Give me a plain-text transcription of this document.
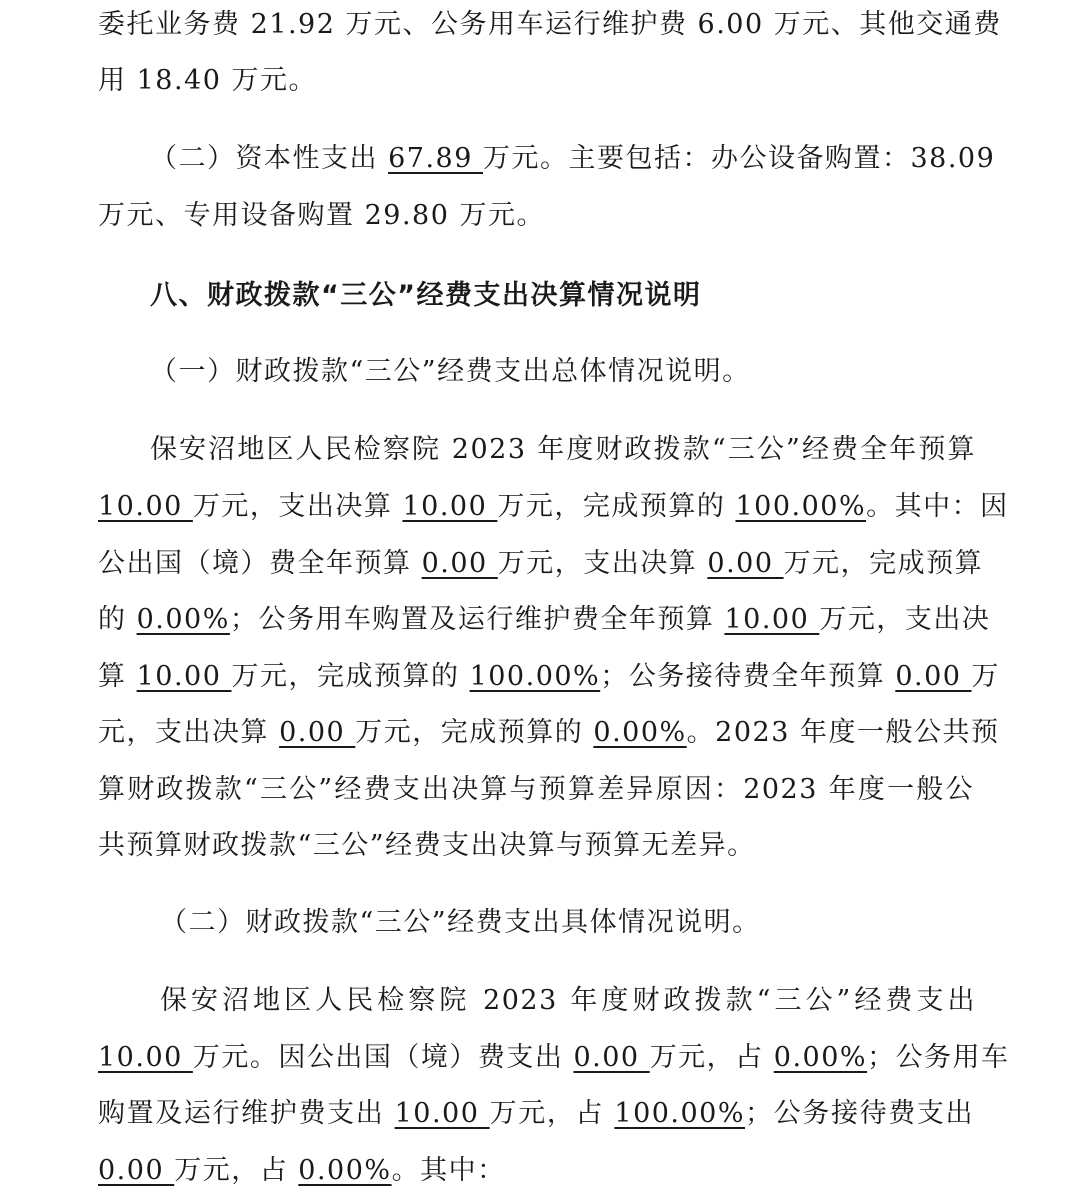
委托业务费 21.92 万元、公务用车运行维护费 6.00 万元、其他交通费
用 18.40 万元。
（二）资本性支出 67.89 万元。主要包括：办公设备购置：38.09
万元、专用设备购置 29.80 万元。
八、财政拨款“三公”经费支出决算情况说明
（一）财政拨款“三公”经费支出总体情况说明。
保安沼地区人民检察院 2023 年度财政拨款“三公”经费全年预算
10.00 万元，支出决算 10.00 万元，完成预算的 100.00%。其中：因
公出国（境）费全年预算 0.00 万元，支出决算 0.00 万元，完成预算
的 0.00%；公务用车购置及运行维护费全年预算 10.00 万元，支出决
算 10.00 万元，完成预算的 100.00%；公务接待费全年预算 0.00 万
元，支出决算 0.00 万元，完成预算的 0.00%。2023 年度一般公共预
算财政拨款“三公”经费支出决算与预算差异原因：2023 年度一般公
共预算财政拨款“三公”经费支出决算与预算无差异。
（二）财政拨款“三公”经费支出具体情况说明。
保安沼地区人民检察院 2023 年度财政拨款“三公”经费支出
10.00 万元。因公出国（境）费支出 0.00 万元，占 0.00%；公务用车
购置及运行维护费支出 10.00 万元，占 100.00%；公务接待费支出
0.00 万元，占 0.00%。其中：
